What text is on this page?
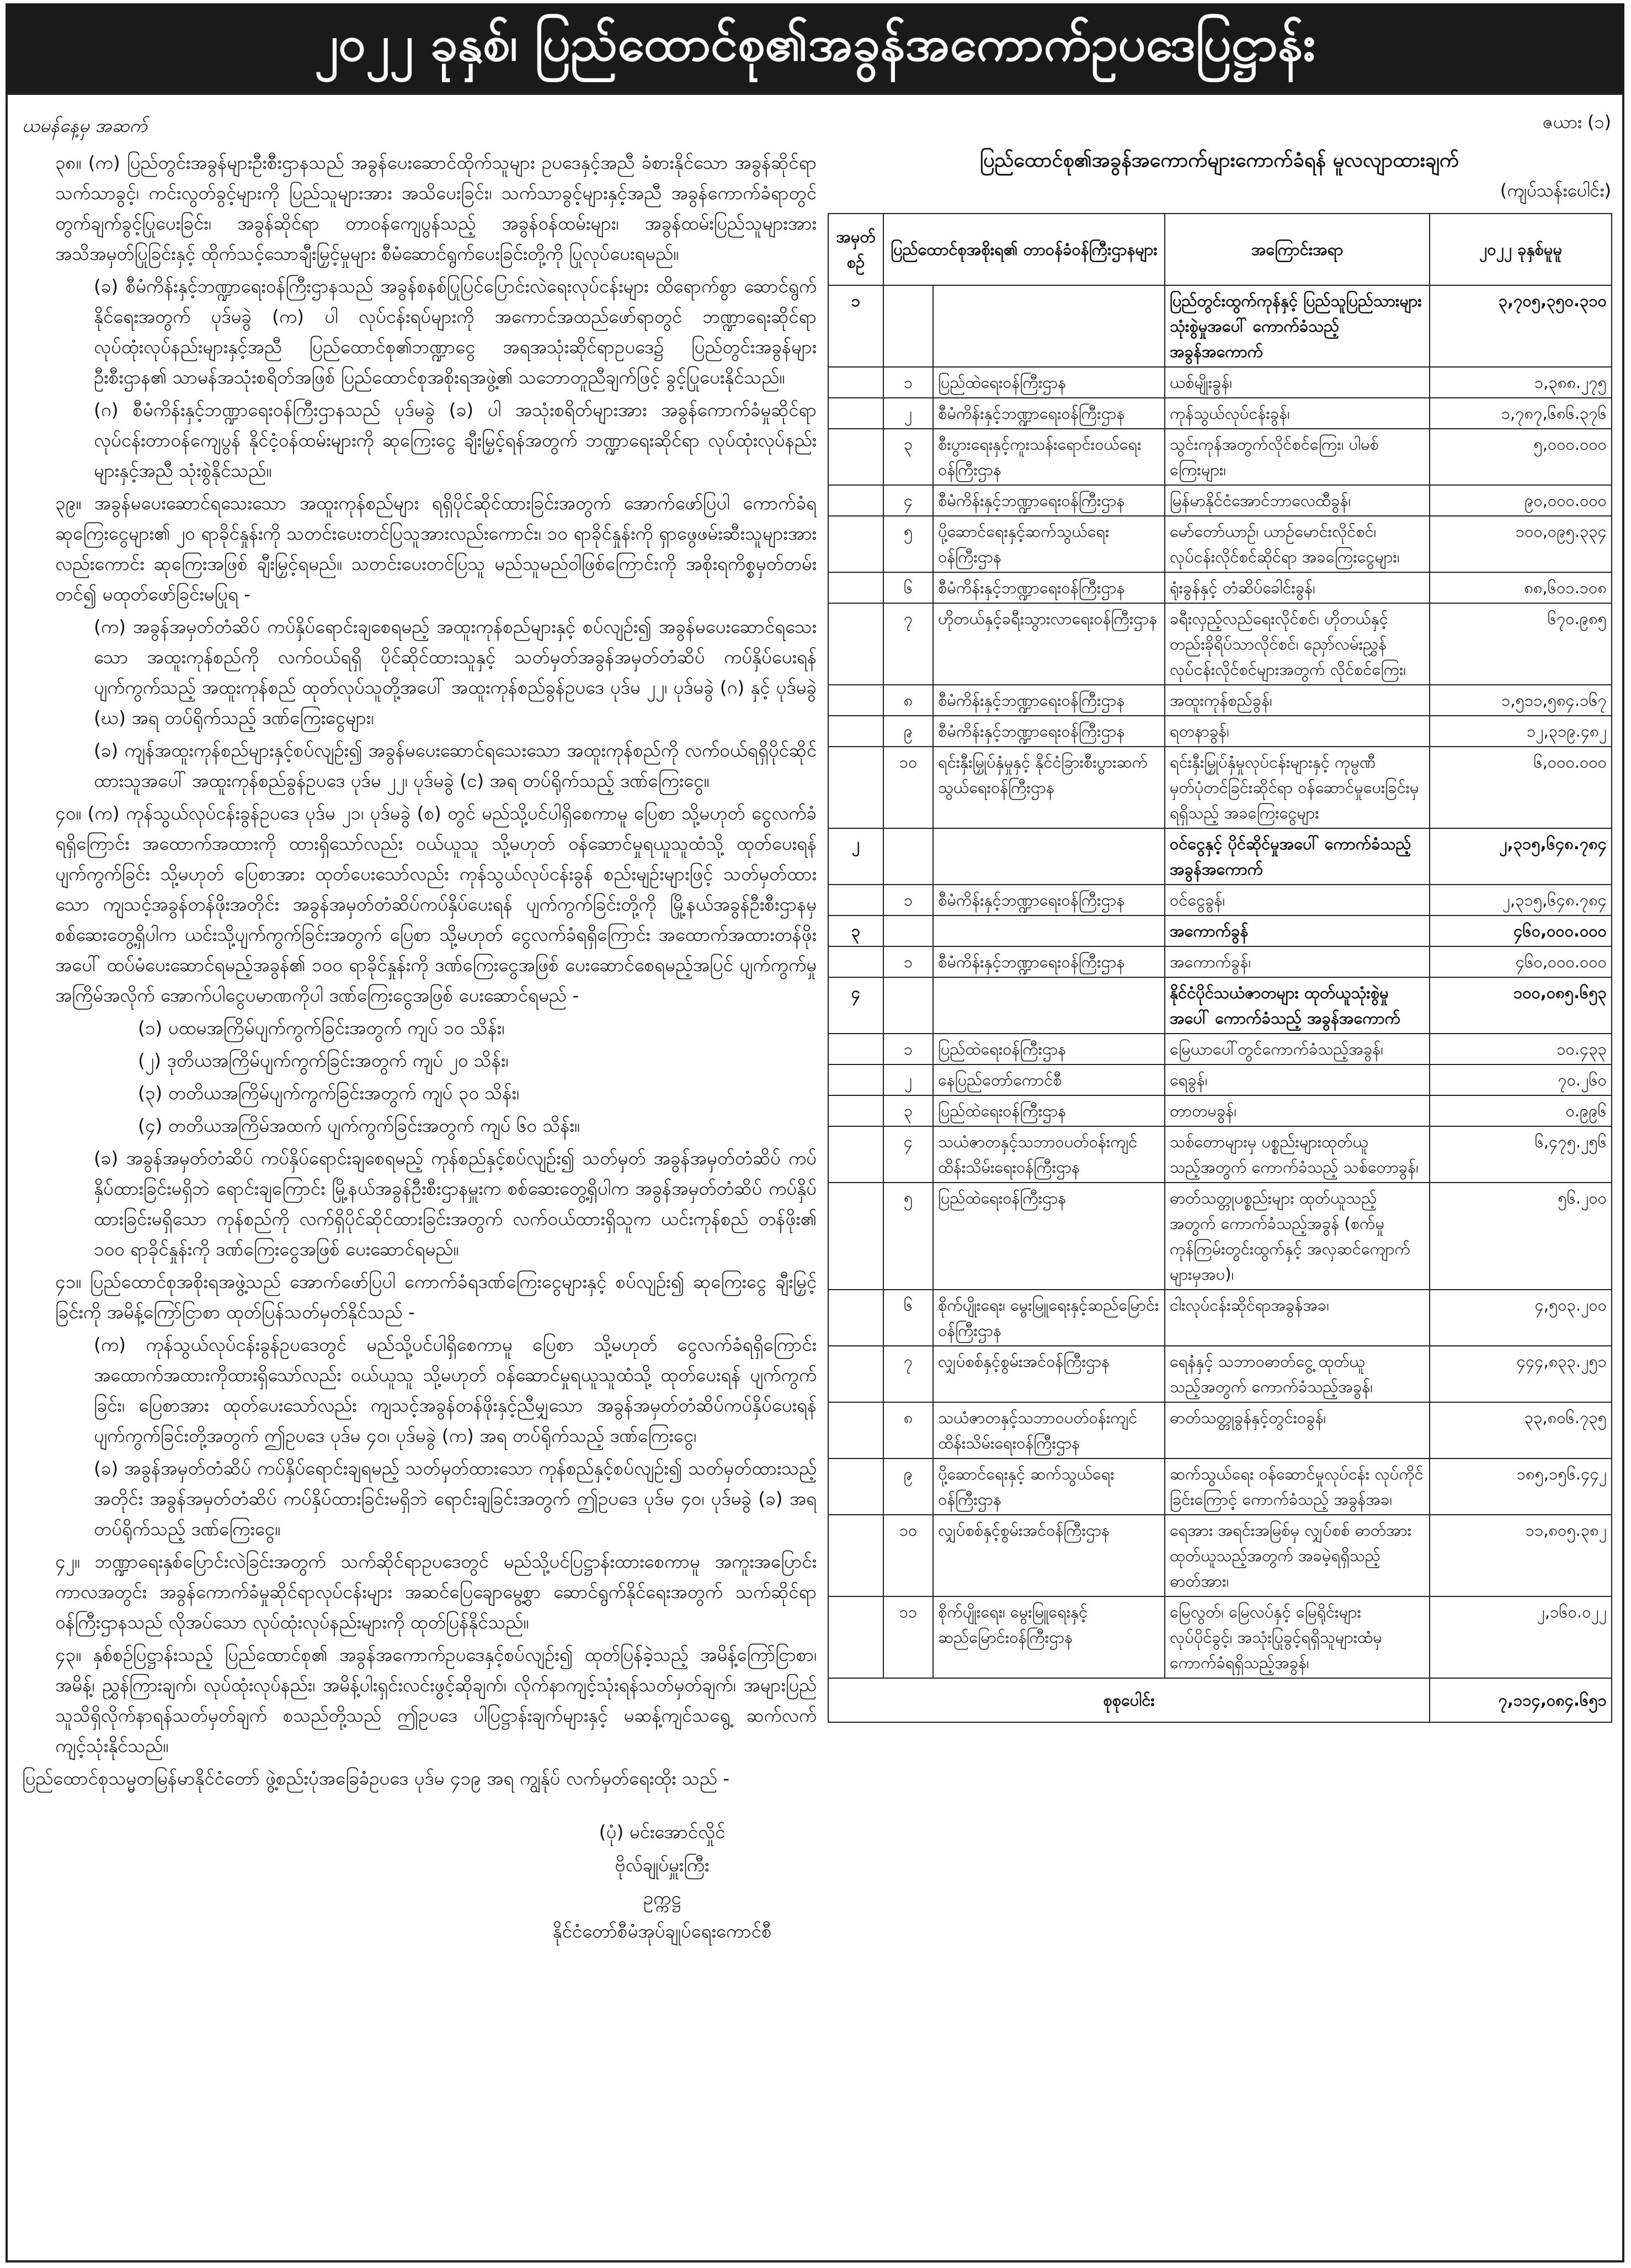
၂၀၂၂ ခုနှစ်၊ ပြည်ထောင်စု၏အခွန်အကောက်ဥပဒေပြဋ္ဌာန်း

ယမန်နေ့မှ အဆက်

၃၈။ (က) ပြည်တွင်းအခွန်များဦးစီးဌာနသည် အခွန်ပေးဆောင်ထိုက်သူများ ဥပဒေနှင့်အညီ ခံစားနိုင်သော အခွန်ဆိုင်ရာသက်သာခွင့်၊ ကင်းလွတ်ခွင့်များကို ပြည်သူများအား အသိပေးခြင်း၊ သက်သာခွင့်များနှင့်အညီ အခွန်ကောက်ခံရာတွင် တွက်ချက်ခွင့်ပြုပေးခြင်း၊ အခွန်ဆိုင်ရာ တာဝန်ကျေပွန်သည့် အခွန်ဝန်ထမ်းများ၊ အခွန်ထမ်းပြည်သူများအား အသိအမှတ်ပြုခြင်းနှင့် ထိုက်သင့်သောချီးမြှင့်မှုများ စီမံဆောင်ရွက်ပေးခြင်းတို့ကို ပြုလုပ်ပေးရမည်။

(ခ) စီမံကိန်းနှင့်ဘဏ္ဍာရေးဝန်ကြီးဌာနသည် အခွန်စနစ်ပြုပြင်ပြောင်းလဲရေးလုပ်ငန်းများ ထိရောက်စွာ ဆောင်ရွက်နိုင်ရေးအတွက် ပုဒ်မခွဲ (က) ပါ လုပ်ငန်းရပ်များကို အကောင်အထည်ဖော်ရာတွင် ဘဏ္ဍာရေးဆိုင်ရာ လုပ်ထုံးလုပ်နည်းများနှင့်အညီ ပြည်ထောင်စု၏ဘဏ္ဍာငွေ အရအသုံးဆိုင်ရာဥပဒေ၌ ပြည်တွင်းအခွန်များဦးစီးဌာန၏ သာမန်အသုံးစရိတ်အဖြစ် ပြည်ထောင်စုအစိုးရအဖွဲ့၏ သဘောတူညီချက်ဖြင့် ခွင့်ပြုပေးနိုင်သည်။

(ဂ) စီမံကိန်းနှင့်ဘဏ္ဍာရေးဝန်ကြီးဌာနသည် ပုဒ်မခွဲ (ခ) ပါ အသုံးစရိတ်များအား အခွန်ကောက်ခံမှုဆိုင်ရာ လုပ်ငန်းတာဝန်ကျေပွန် နိုင်ငံ့ဝန်ထမ်းများကို ဆုကြေးငွေ ချီးမြှင့်ရန်အတွက် ဘဏ္ဍာရေးဆိုင်ရာ လုပ်ထုံးလုပ်နည်းများနှင့်အညီ သုံးစွဲနိုင်သည်။

၃၉။ အခွန်မပေးဆောင်ရသေးသော အထူးကုန်စည်များ ရရှိပိုင်ဆိုင်ထားခြင်းအတွက် အောက်ဖော်ပြပါ ကောက်ခံရဆုကြေးငွေများ၏ ၂၀ ရာခိုင်နှုန်းကို သတင်းပေးတင်ပြသူအားလည်းကောင်း၊ ၁၀ ရာခိုင်နှုန်းကို ရှာဖွေဖမ်းဆီးသူများအားလည်းကောင်း ဆုကြေးအဖြစ် ချီးမြှင့်ရမည်။ သတင်းပေးတင်ပြသူ မည်သူမည်ဝါဖြစ်ကြောင်းကို အစိုးရကိစ္စမှတ်တမ်းတင်၍ မထုတ်ဖော်ခြင်းမပြုရ -

(က) အခွန်အမှတ်တံဆိပ် ကပ်နှိပ်ရောင်းချစေရမည့် အထူးကုန်စည်များနှင့် စပ်လျဉ်း၍ အခွန်မပေးဆောင်ရသေးသော အထူးကုန်စည်ကို လက်ဝယ်ရရှိ ပိုင်ဆိုင်ထားသူနှင့် သတ်မှတ်အခွန်အမှတ်တံဆိပ် ကပ်နှိပ်ပေးရန် ပျက်ကွက်သည့် အထူးကုန်စည် ထုတ်လုပ်သူတို့အပေါ် အထူးကုန်စည်ခွန်ဥပဒေ ပုဒ်မ ၂၂၊ ပုဒ်မခွဲ (ဂ) နှင့် ပုဒ်မခွဲ (ဃ) အရ တပ်ရိုက်သည့် ဒဏ်ကြေးငွေများ၊

(ခ) ကျန်အထူးကုန်စည်များနှင့်စပ်လျဉ်း၍ အခွန်မပေးဆောင်ရသေးသော အထူးကုန်စည်ကို လက်ဝယ်ရရှိပိုင်ဆိုင်ထားသူအပေါ် အထူးကုန်စည်ခွန်ဥပဒေ ပုဒ်မ ၂၂၊ ပုဒ်မခွဲ (င) အရ တပ်ရိုက်သည့် ဒဏ်ကြေးငွေ။

၄၀။ (က) ကုန်သွယ်လုပ်ငန်းခွန်ဥပဒေ ပုဒ်မ ၂၁၊ ပုဒ်မခွဲ (စ) တွင် မည်သို့ပင်ပါရှိစေကာမူ ပြေစာ သို့မဟုတ် ငွေလက်ခံရရှိကြောင်း အထောက်အထားကို ထားရှိသော်လည်း ဝယ်ယူသူ သို့မဟုတ် ဝန်ဆောင်မှုရယူသူထံသို့ ထုတ်ပေးရန် ပျက်ကွက်ခြင်း သို့မဟုတ် ပြေစာအား ထုတ်ပေးသော်လည်း ကုန်သွယ်လုပ်ငန်းခွန် စည်းမျဉ်းများဖြင့် သတ်မှတ်ထားသော ကျသင့်အခွန်တန်ဖိုးအတိုင်း အခွန်အမှတ်တံဆိပ်ကပ်နှိပ်ပေးရန် ပျက်ကွက်ခြင်းတို့ကို မြို့နယ်အခွန်ဦးစီးဌာနမှ စစ်ဆေးတွေ့ရှိပါက ယင်းသို့ပျက်ကွက်ခြင်းအတွက် ပြေစာ သို့မဟုတ် ငွေလက်ခံရရှိကြောင်း အထောက်အထားတန်ဖိုးအပေါ် ထပ်မံပေးဆောင်ရမည့်အခွန်၏ ၁၀၀ ရာခိုင်နှုန်းကို ဒဏ်ကြေးငွေအဖြစ် ပေးဆောင်စေရမည့်အပြင် ပျက်ကွက်မှုအကြိမ်အလိုက် အောက်ပါငွေပမာဏကိုပါ ဒဏ်ကြေးငွေအဖြစ် ပေးဆောင်ရမည် -

(၁) ပထမအကြိမ်ပျက်ကွက်ခြင်းအတွက် ကျပ် ၁၀ သိန်း၊

(၂) ဒုတိယအကြိမ်ပျက်ကွက်ခြင်းအတွက် ကျပ် ၂၀ သိန်း၊

(၃) တတိယအကြိမ်ပျက်ကွက်ခြင်းအတွက် ကျပ် ၃၀ သိန်း၊

(၄) တတိယအကြိမ်အထက် ပျက်ကွက်ခြင်းအတွက် ကျပ် ၆၀ သိန်း။

(ခ) အခွန်အမှတ်တံဆိပ် ကပ်နှိပ်ရောင်းချစေရမည့် ကုန်စည်နှင့်စပ်လျဉ်း၍ သတ်မှတ် အခွန်အမှတ်တံဆိပ် ကပ်နှိပ်ထားခြင်းမရှိဘဲ ရောင်းချကြောင်း မြို့နယ်အခွန်ဦးစီးဌာနမှူးက စစ်ဆေးတွေ့ရှိပါက အခွန်အမှတ်တံဆိပ် ကပ်နှိပ်ထားခြင်းမရှိသော ကုန်စည်ကို လက်ရှိပိုင်ဆိုင်ထားခြင်းအတွက် လက်ဝယ်ထားရှိသူက ယင်းကုန်စည် တန်ဖိုး၏ ၁၀၀ ရာခိုင်နှုန်းကို ဒဏ်ကြေးငွေအဖြစ် ပေးဆောင်ရမည်။

၄၁။ ပြည်ထောင်စုအစိုးရအဖွဲ့သည် အောက်ဖော်ပြပါ ကောက်ခံရဒဏ်ကြေးငွေများနှင့် စပ်လျဉ်း၍ ဆုကြေးငွေ ချီးမြှင့်ခြင်းကို အမိန့်ကြော်ငြာစာ ထုတ်ပြန်သတ်မှတ်နိုင်သည် -

(က) ကုန်သွယ်လုပ်ငန်းခွန်ဥပဒေတွင် မည်သို့ပင်ပါရှိစေကာမူ ပြေစာ သို့မဟုတ် ငွေလက်ခံရရှိကြောင်း အထောက်အထားကိုထားရှိသော်လည်း ဝယ်ယူသူ သို့မဟုတ် ဝန်ဆောင်မှုရယူသူထံသို့ ထုတ်ပေးရန် ပျက်ကွက်ခြင်း၊ ပြေစာအား ထုတ်ပေးသော်လည်း ကျသင့်အခွန်တန်ဖိုးနှင့်ညီမျှသော အခွန်အမှတ်တံဆိပ်ကပ်နှိပ်ပေးရန် ပျက်ကွက်ခြင်းတို့အတွက် ဤဥပဒေ ပုဒ်မ ၄၀၊ ပုဒ်မခွဲ (က) အရ တပ်ရိုက်သည့် ဒဏ်ကြေးငွေ၊

(ခ) အခွန်အမှတ်တံဆိပ် ကပ်နှိပ်ရောင်းချရမည့် သတ်မှတ်ထားသော ကုန်စည်နှင့်စပ်လျဉ်း၍ သတ်မှတ်ထားသည့်အတိုင်း အခွန်အမှတ်တံဆိပ် ကပ်နှိပ်ထားခြင်းမရှိဘဲ ရောင်းချခြင်းအတွက် ဤဥပဒေ ပုဒ်မ ၄၀၊ ပုဒ်မခွဲ (ခ) အရ တပ်ရိုက်သည့် ဒဏ်ကြေးငွေ။

၄၂။ ဘဏ္ဍာရေးနှစ်ပြောင်းလဲခြင်းအတွက် သက်ဆိုင်ရာဥပဒေတွင် မည်သို့ပင်ပြဋ္ဌာန်းထားစေကာမူ အကူးအပြောင်းကာလအတွင်း အခွန်ကောက်ခံမှုဆိုင်ရာလုပ်ငန်းများ အဆင်ပြေချောမွေ့စွာ ဆောင်ရွက်နိုင်ရေးအတွက် သက်ဆိုင်ရာဝန်ကြီးဌာနသည် လိုအပ်သော လုပ်ထုံးလုပ်နည်းများကို ထုတ်ပြန်နိုင်သည်။

၄၃။ နှစ်စဉ်ပြဋ္ဌာန်းသည့် ပြည်ထောင်စု၏ အခွန်အကောက်ဥပဒေနှင့်စပ်လျဉ်း၍ ထုတ်ပြန်ခဲ့သည့် အမိန့်ကြော်ငြာစာ၊ အမိန့်၊ ညွှန်ကြားချက်၊ လုပ်ထုံးလုပ်နည်း၊ အမိန့်ပါးရှင်းလင်းဖွင့်ဆိုချက်၊ လိုက်နာကျင့်သုံးရန်သတ်မှတ်ချက်၊ အများပြည်သူသိရှိလိုက်နာရန်သတ်မှတ်ချက် စသည်တို့သည် ဤဥပဒေ ပါပြဋ္ဌာန်းချက်များနှင့် မဆန့်ကျင်သရွေ့ ဆက်လက်ကျင့်သုံးနိုင်သည်။

ပြည်ထောင်စုသမ္မတမြန်မာနိုင်ငံတော် ဖွဲ့စည်းပုံအခြေခံဥပဒေ ပုဒ်မ ၄၁၉ အရ ကျွန်ုပ် လက်မှတ်ရေးထိုး သည် -

(ပုံ) မင်းအောင်လှိုင်
ဗိုလ်ချုပ်မှူးကြီး
ဥက္ကဋ္ဌ
နိုင်ငံတော်စီမံအုပ်ချုပ်ရေးကောင်စီ
ဇယား (၁)
ပြည်ထောင်စု၏အခွန်အကောက်များကောက်ခံရန် မူလလျာထားချက်
(ကျပ်သန်းပေါင်း)
အမှတ်စဉ်	ပြည်ထောင်စုအစိုးရ၏ တာဝန်ခံဝန်ကြီးဌာနများ		အကြောင်းအရာ	၂၀၂၂ ခုနှစ်မူမူ
၁			ပြည်တွင်းထွက်ကုန်နှင့် ပြည်သူပြည်သားများ သုံးစွဲမှုအပေါ် ကောက်ခံသည့် အခွန်အကောက်	၃,၇၀၅,၃၅၀.၃၁၀
	၁	ပြည်ထဲရေးဝန်ကြီးဌာန	ယစ်မျိုးခွန်၊	၁,၃၈၈.၂၇၅
	၂	စီမံကိန်းနှင့်ဘဏ္ဍာရေးဝန်ကြီးဌာန	ကုန်သွယ်လုပ်ငန်းခွန်၊	၁,၇၈၇,၆၈၆.၃၇၆
	၃	စီးပွားရေးနှင့်ကူးသန်းရောင်းဝယ်ရေးဝန်ကြီးဌာန	သွင်းကုန်အတွက်လိုင်စင်ကြေး၊ ပါမစ်ကြေးများ၊	၅,၀၀၀.၀၀၀
	၄	စီမံကိန်းနှင့်ဘဏ္ဍာရေးဝန်ကြီးဌာန	မြန်မာနိုင်ငံအောင်ဘာလေထီခွန်၊	၉၀,၀၀၀.၀၀၀
	၅	ပို့ဆောင်ရေးနှင့်ဆက်သွယ်ရေးဝန်ကြီးဌာန	မော်တော်ယာဉ်၊ ယာဉ်မောင်းလိုင်စင်၊ လုပ်ငန်းလိုင်စင်ဆိုင်ရာ အခကြေးငွေများ၊	၁၀၀,၀၉၅.၃၃၄
	၆	စီမံကိန်းနှင့်ဘဏ္ဍာရေးဝန်ကြီးဌာန	ရုံးခွန်နှင့် တံဆိပ်ခေါင်းခွန်၊	၈၈,၆၀၁.၁၀၈
	၇	ဟိုတယ်နှင့်ခရီးသွားလာရေးဝန်ကြီးဌာန	ခရီးလှည့်လည်ရေးလိုင်စင်၊ ဟိုတယ်နှင့် တည်းခိုရိပ်သာလိုင်စင်၊ ညှော်လမ်းညွှန် လုပ်ငန်းလိုင်စင်များအတွက် လိုင်စင်ကြေး၊	၆၇၀.၉၈၅
	၈	စီမံကိန်းနှင့်ဘဏ္ဍာရေးဝန်ကြီးဌာန	အထူးကုန်စည်ခွန်၊	၁,၅၁၁,၅၈၄.၁၆၇
	၉	စီမံကိန်းနှင့်ဘဏ္ဍာရေးဝန်ကြီးဌာန	ရတနာခွန်၊	၁၂,၃၁၉.၄၈၂
	၁၀	ရင်းနှီးမြှုပ်နှံမှုနှင့် နိုင်ငံခြားစီးပွားဆက်သွယ်ရေးဝန်ကြီးဌာန	ရင်းနှီးမြှုပ်နှံမှုလုပ်ငန်းများနှင့် ကုမ္ပဏီမှတ်ပုံတင်ခြင်းဆိုင်ရာ ဝန်ဆောင်မှုပေးခြင်းမှရရှိသည့် အခကြေးငွေများ	၆,၀၀၀.၀၀၀
၂			ဝင်ငွေနှင့် ပိုင်ဆိုင်မှုအပေါ် ကောက်ခံသည့် အခွန်အကောက်	၂,၃၁၅,၆၄၈.၇၈၄
	၁	စီမံကိန်းနှင့်ဘဏ္ဍာရေးဝန်ကြီးဌာန	ဝင်ငွေခွန်၊	၂,၃၁၅,၆၄၈.၇၈၄
၃			အကောက်ခွန်	၄၆၀,၀၀၀.၀၀၀
	၁	စီမံကိန်းနှင့်ဘဏ္ဍာရေးဝန်ကြီးဌာန	အကောက်ခွန်၊	၄၆၀,၀၀၀.၀၀၀
၄			နိုင်ငံပိုင်သယံဇာတများ ထုတ်ယူသုံးစွဲမှုအပေါ် ကောက်ခံသည့် အခွန်အကောက်	၁၀၀,၀၈၅.၆၅၃
	၁	ပြည်ထဲရေးဝန်ကြီးဌာန	မြေယာပေါ်တွင်ကောက်ခံသည့်အခွန်၊	၁၀.၄၃၃
	၂	နေပြည်တော်ကောင်စီ	ရေခွန်၊	၇၀.၂၆၀
	၃	ပြည်ထဲရေးဝန်ကြီးဌာန	တာတမခွန်၊	၀.၉၉၆
	၄	သယံဇာတနှင့်သဘာဝပတ်ဝန်းကျင်ထိန်းသိမ်းရေးဝန်ကြီးဌာန	သစ်တောများမှ ပစ္စည်းများထုတ်ယူသည့်အတွက် ကောက်ခံသည့် သစ်တောခွန်၊	၆,၄၇၅.၂၅၆
	၅	ပြည်ထဲရေးဝန်ကြီးဌာန	ဓာတ်သတ္တုပစ္စည်းများ ထုတ်ယူသည့် အတွက် ကောက်ခံသည့်အခွန် (စက်မှုကုန်ကြမ်းတွင်းထွက်နှင့် အလှဆင်ကျောက်များမှအပ)၊	၅၆.၂၀၀
	၆	စိုက်ပျိုးရေး၊ မွေးမြူရေးနှင့်ဆည်မြောင်းဝန်ကြီးဌာန	ငါးလုပ်ငန်းဆိုင်ရာအခွန်အခ၊	၄,၅၀၃.၂၀၀
	၇	လျှပ်စစ်နှင့်စွမ်းအင်ဝန်ကြီးဌာန	ရေနံနှင့် သဘာဝဓာတ်ငွေ့ ထုတ်ယူသည့်အတွက် ကောက်ခံသည့်အခွန်၊	၄၄၄,၈၃၃.၂၅၁
	၈	သယံဇာတနှင့်သဘာဝပတ်ဝန်းကျင်ထိန်းသိမ်းရေးဝန်ကြီးဌာန	ဓာတ်သတ္တုခွန်နှင့်တွင်းဝခွန်၊	၃၃,၈၀၆.၇၃၅
	၉	ပို့ဆောင်ရေးနှင့် ဆက်သွယ်ရေးဝန်ကြီးဌာန	ဆက်သွယ်ရေး ဝန်ဆောင်မှုလုပ်ငန်း လုပ်ကိုင်ခြင်းကြောင့် ကောက်ခံသည့် အခွန်အခ၊	၁၈၅,၁၅၆.၄၄၂
	၁၀	လျှပ်စစ်နှင့်စွမ်းအင်ဝန်ကြီးဌာန	ရေအား အရင်းအမြစ်မှ လျှပ်စစ် ဓာတ်အား ထုတ်ယူသည့်အတွက် အခမဲ့ရရှိသည့် ဓာတ်အား၊	၁၁,၈၀၅.၃၈၂
	၁၁	စိုက်ပျိုးရေး၊ မွေးမြူရေးနှင့် ဆည်မြောင်းဝန်ကြီးဌာန	မြေလွတ်၊ မြေလပ်နှင့် မြေရိုင်းများ လုပ်ပိုင်ခွင့်၊ အသုံးပြုခွင့်ရရှိသူများထံမှ ကောက်ခံရရှိသည့်အခွန်၊	၂,၁၆၀.၀၂၂
စုစုပေါင်း				၇,၁၁၄,၀၈၄.၆၅၁
